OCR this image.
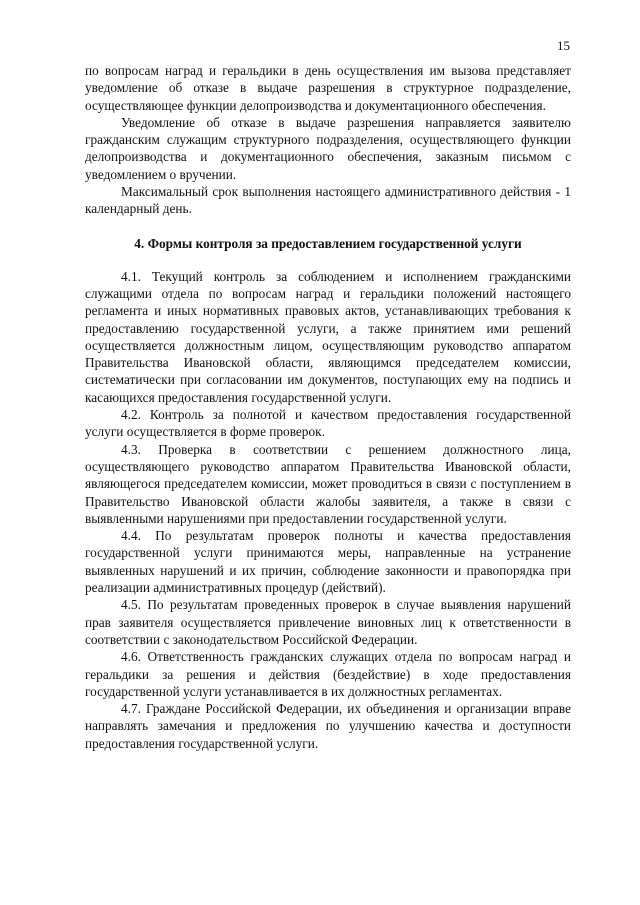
15

по вопросам наград и геральдики в день осуществления им вызова представляет уведомление об отказе в выдаче разрешения в структурное подразделение, осуществляющее функции делопроизводства и документационного обеспечения.

Уведомление об отказе в выдаче разрешения направляется заявителю гражданским служащим структурного подразделения, осуществляющего функции делопроизводства и документационного обеспечения, заказным письмом с уведомлением о вручении.

Максимальный срок выполнения настоящего административного действия - 1 календарный день.

4. Формы контроля за предоставлением государственной услуги

4.1. Текущий контроль за соблюдением и исполнением гражданскими служащими отдела по вопросам наград и геральдики положений настоящего регламента и иных нормативных правовых актов, устанавливающих требования к предоставлению государственной услуги, а также принятием ими решений осуществляется должностным лицом, осуществляющим руководство аппаратом Правительства Ивановской области, являющимся председателем комиссии, систематически при согласовании им документов, поступающих ему на подпись и касающихся предоставления государственной услуги.

4.2. Контроль за полнотой и качеством предоставления государственной услуги осуществляется в форме проверок.

4.3. Проверка в соответствии с решением должностного лица, осуществляющего руководство аппаратом Правительства Ивановской области, являющегося председателем комиссии, может проводиться в связи с поступлением в Правительство Ивановской области жалобы заявителя, а также в связи с выявленными нарушениями при предоставлении государственной услуги.

4.4. По результатам проверок полноты и качества предоставления государственной услуги принимаются меры, направленные на устранение выявленных нарушений и их причин, соблюдение законности и правопорядка при реализации административных процедур (действий).

4.5. По результатам проведенных проверок в случае выявления нарушений прав заявителя осуществляется привлечение виновных лиц к ответственности в соответствии с законодательством Российской Федерации.

4.6. Ответственность гражданских служащих отдела по вопросам наград и геральдики за решения и действия (бездействие) в ходе предоставления государственной услуги устанавливается в их должностных регламентах.

4.7. Граждане Российской Федерации, их объединения и организации вправе направлять замечания и предложения по улучшению качества и доступности предоставления государственной услуги.
